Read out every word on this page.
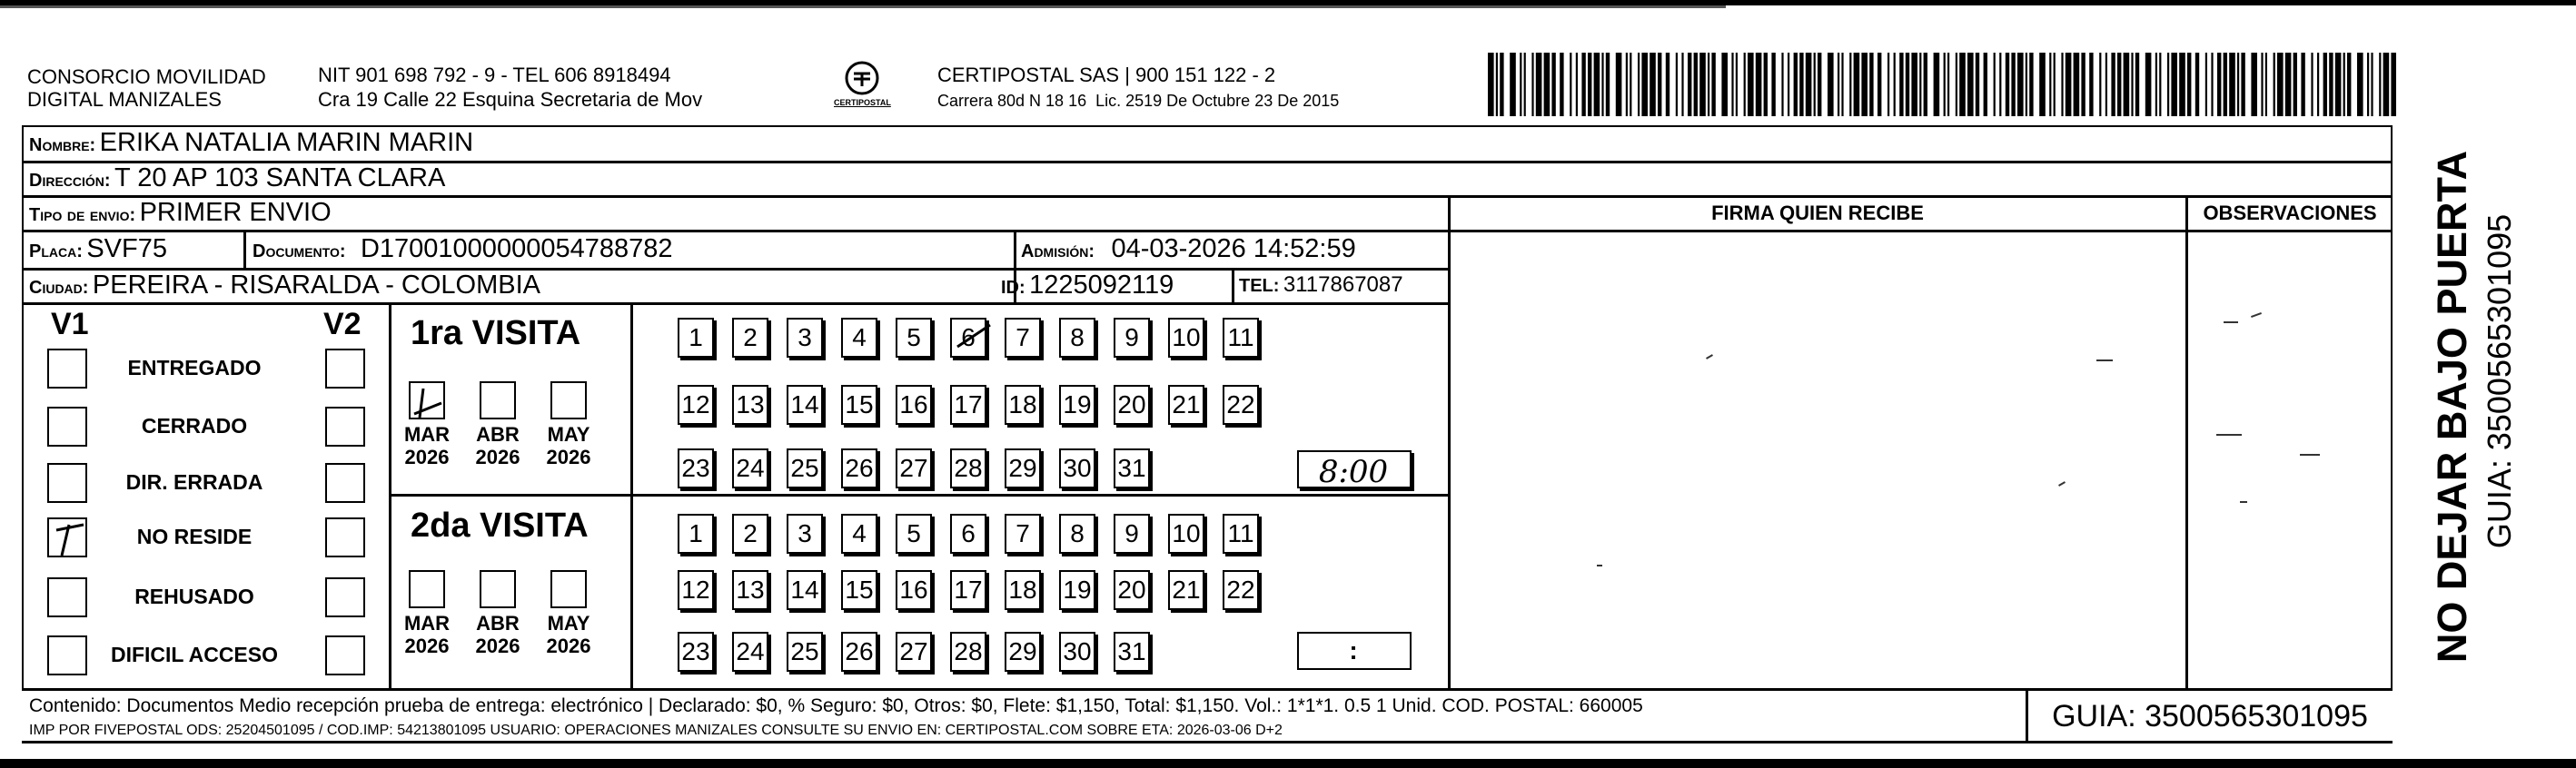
CONSORCIO MOVILIDAD
DIGITAL MANIZALES
NIT 901 698 792 - 9 - TEL 606 8918494
Cra 19 Calle 22 Esquina Secretaria de Mov	CERTIPOSTAL
CERTIPOSTAL SAS | 900 151 122 - 2
Carrera 80d N 18 16  Lic. 2519 De Octubre 23 De 2015
Nombre: ERIKA NATALIA MARIN MARIN
Dirección: T 20 AP 103 SANTA CLARA
Tipo de envio: PRIMER ENVIO
Placa: SVF75	Documento: D17001000000054788782	Admisión: 04-03-2026 14:52:59
Ciudad: PEREIRA - RISARALDA - COLOMBIA	ID: 1225092119	TEL: 3117867087
FIRMA QUIEN RECIBE	OBSERVACIONES
V1	V2
ENTREGADO
CERRADO
DIR. ERRADA
NO RESIDE
REHUSADO
DIFICIL ACCESO
1ra VISITA
MAR
2026
ABR
2026
MAY
2026
1	2	3	4	5	6	7	8	9	10 11
12 13 14 15 16 17 18 19 20 21 22
23 24 25 26 27 28 29 30 31	8:00
2da VISITA
MAR
2026
ABR
2026
MAY
2026
1	2	3	4	5	6	7	8	9	10 11
12 13 14 15 16 17 18 19 20 21 22
23 24 25 26 27 28 29 30 31	:
Contenido: Documentos Medio recepción prueba de entrega: electrónico | Declarado: $0, % Seguro: $0, Otros: $0, Flete: $1,150, Total: $1,150. Vol.: 1*1*1. 0.5 1 Unid. COD. POSTAL: 660005
IMP POR FIVEPOSTAL ODS: 25204501095 / COD.IMP: 54213801095 USUARIO: OPERACIONES MANIZALES CONSULTE SU ENVIO EN: CERTIPOSTAL.COM SOBRE ETA: 2026-03-06 D+2	GUIA: 3500565301095
NO DEJAR BAJO PUERTA GUIA: 3500565301095
